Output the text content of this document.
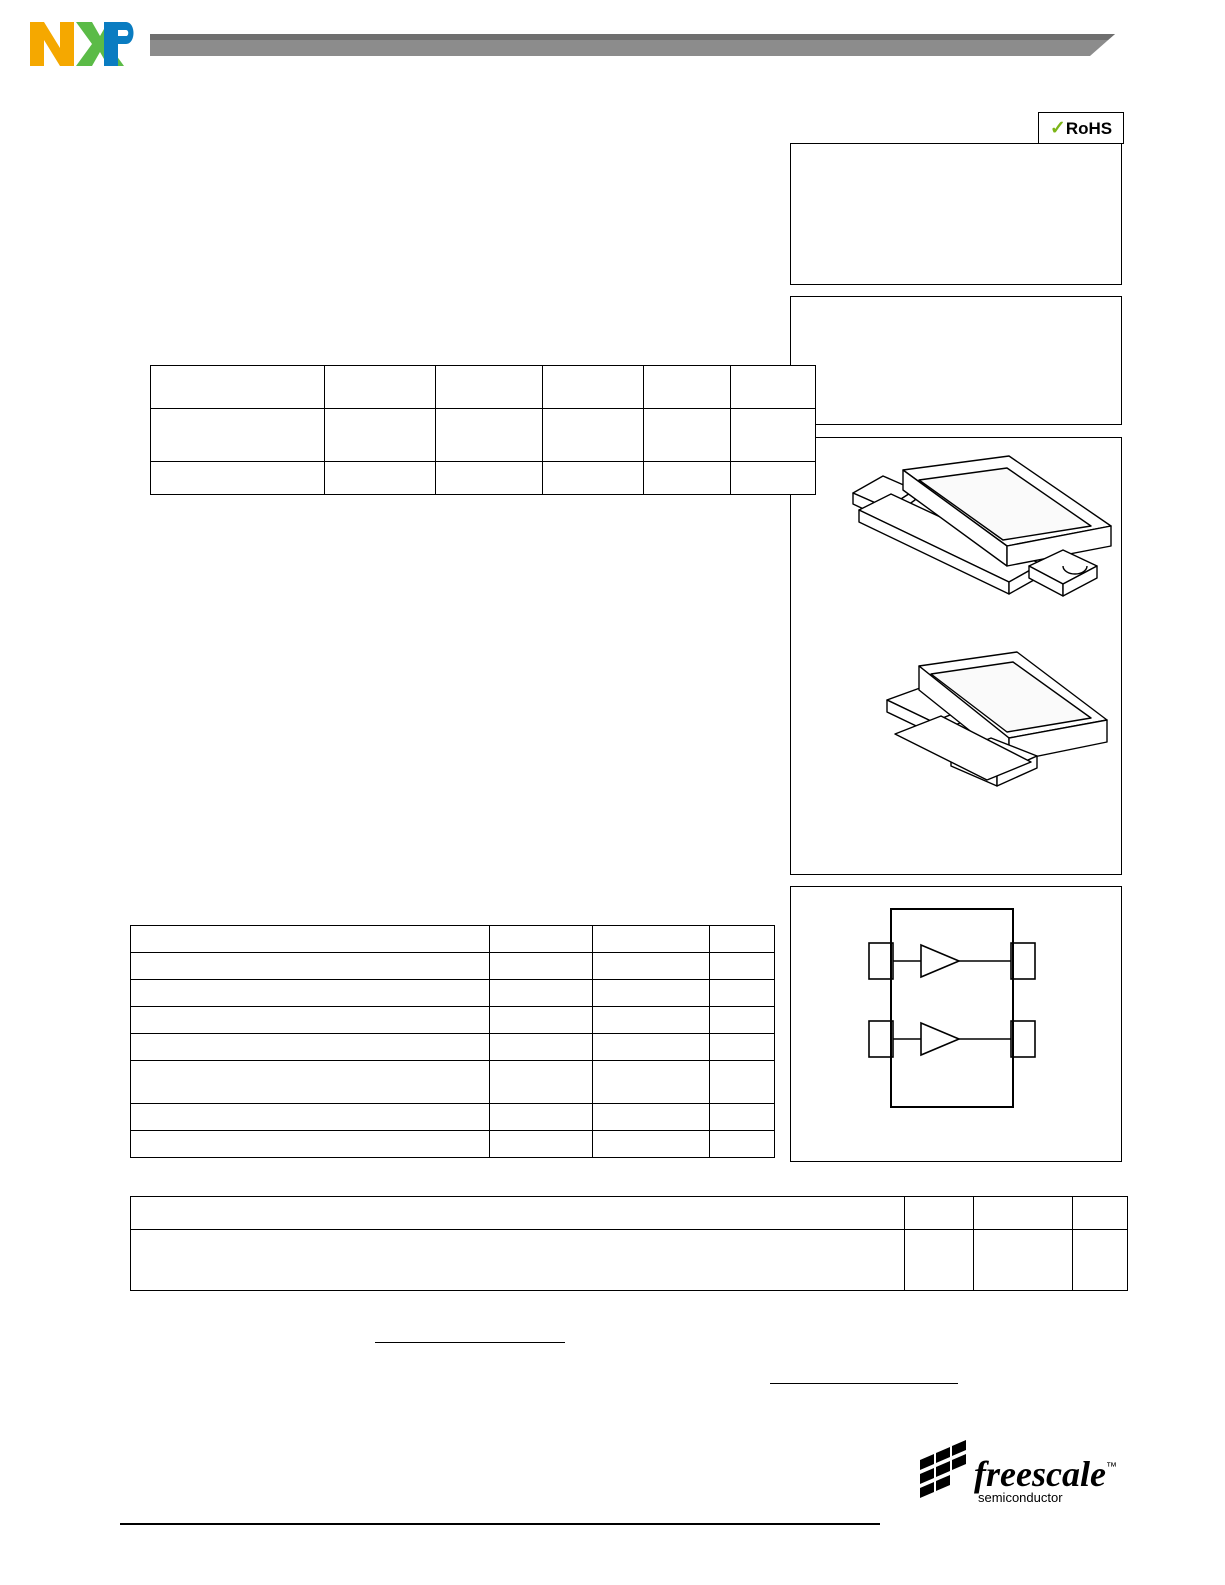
✓RoHS

freescale
semiconductor
™
